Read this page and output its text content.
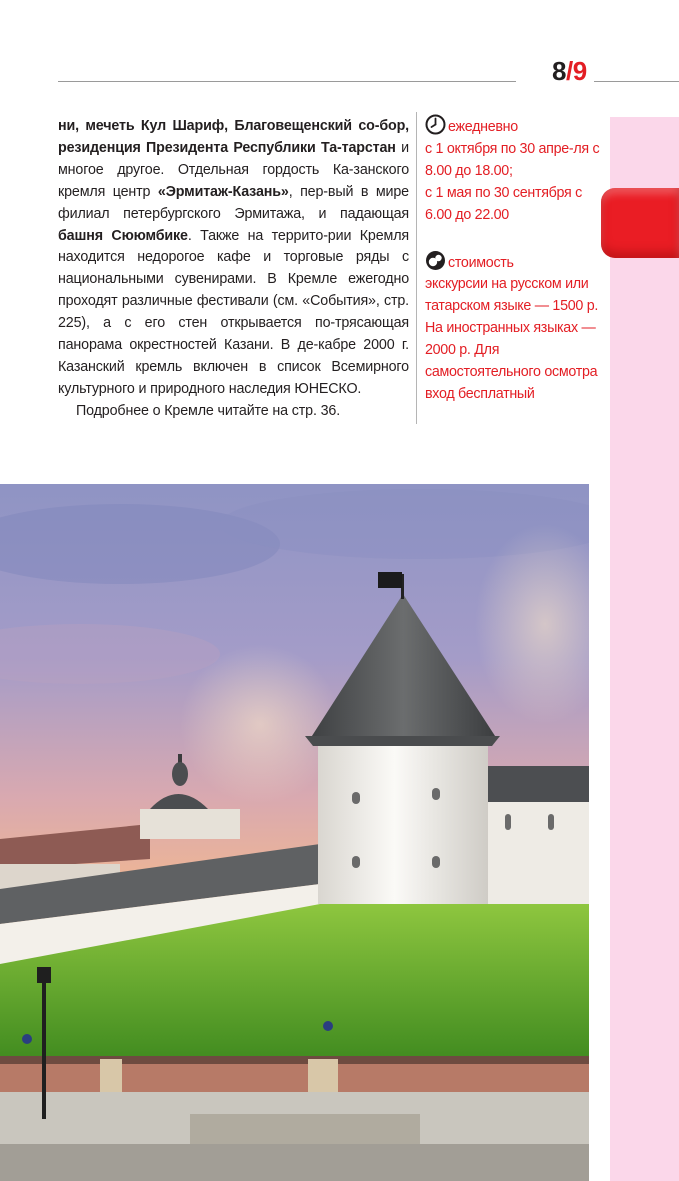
8/9
ни, мечеть Кул Шариф, Благовещенский со-бор, резиденция Президента Республики Та-тарстан и многое другое. Отдельная гордость Ка-занского кремля центр «Эрмитаж-Казань», пер-вый в мире филиал петербургского Эрмитажа, и падающая башня Сююмбике. Также на террито-рии Кремля находится недорогое кафе и торговые ряды с национальными сувенирами. В Кремле ежегодно проходят различные фестивали (см. «События», стр. 225), а с его стен открывается по-трясающая панорама окрестностей Казани. В де-кабре 2000 г. Казанский кремль включен в список Всемирного культурного и природного наследия ЮНЕСКО.
Подробнее о Кремле читайте на стр. 36.
ежедневно
с 1 октября по 30 апре-ля с 8.00 до 18.00;
с 1 мая по 30 сентября с 6.00 до 22.00
стоимость
экскурсии на русском или татарском языке — 1500 р. На иностранных языках — 2000 р. Для самостоятельного осмотра вход бесплатный
